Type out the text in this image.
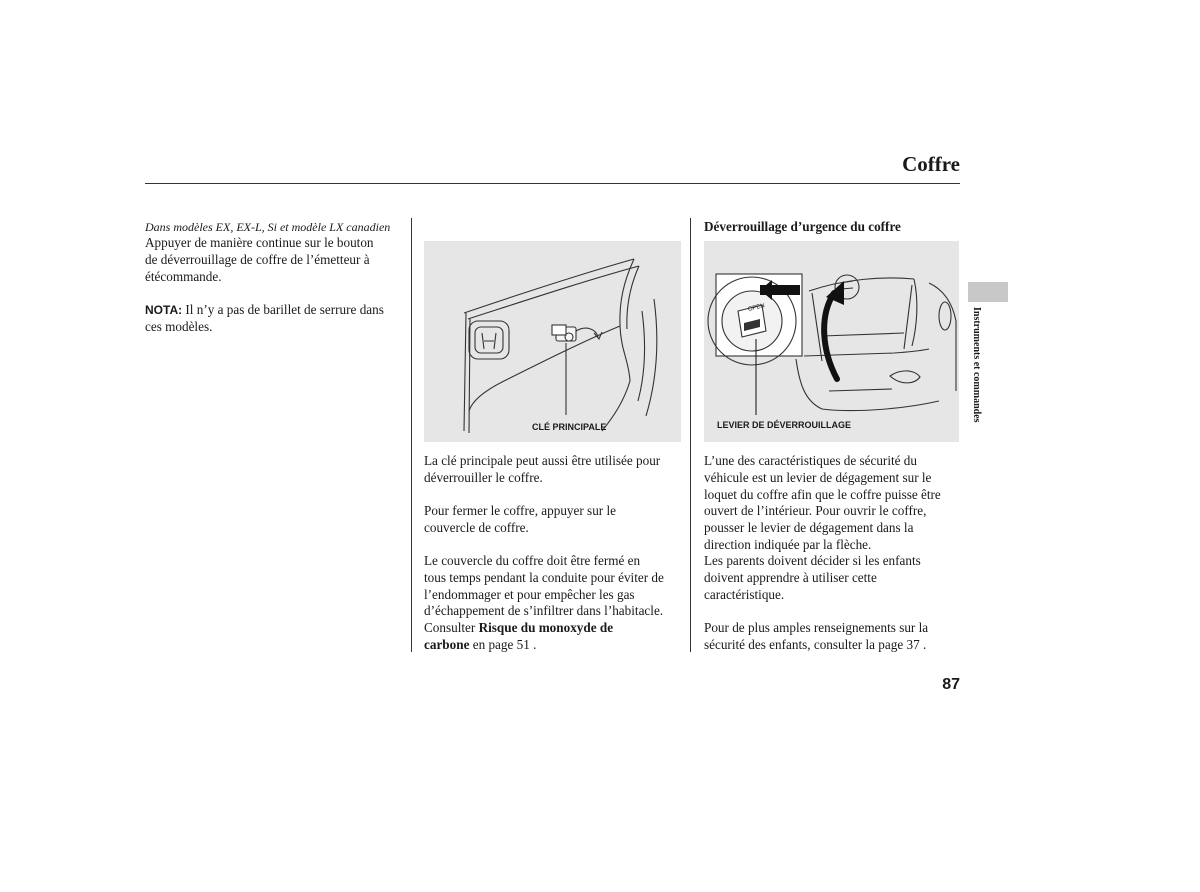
Coffre
Dans modèles EX, EX-L, Si et modèle LX canadien
Appuyer de manière continue sur le bouton
de déverrouillage de coffre de l’émetteur à
étécommande.
NOTA: Il n’y a pas de barillet de serrure dans
ces modèles.
CLÉ PRINCIPALE
La clé principale peut aussi être utilisée pour
déverrouiller le coffre.
Pour fermer le coffre, appuyer sur le
couvercle de coffre.
Le couvercle du coffre doit être fermé en
tous temps pendant la conduite pour éviter de
l’endommager et pour empêcher les gas
d’échappement de s’infiltrer dans l’habitacle.
Consulter Risque du monoxyde de
carbone en page 51 .
Déverrouillage d’urgence du coffre
OPEN
LEVIER DE DÉVERROUILLAGE
L’une des caractéristiques de sécurité du
véhicule est un levier de dégagement sur le
loquet du coffre afin que le coffre puisse être
ouvert de l’intérieur. Pour ouvrir le coffre,
pousser le levier de dégagement dans la
direction indiquée par la flèche.
Les parents doivent décider si les enfants
doivent apprendre à utiliser cette
caractéristique.
Pour de plus amples renseignements sur la
sécurité des enfants, consulter la page 37 .
Instruments et commandes
87
